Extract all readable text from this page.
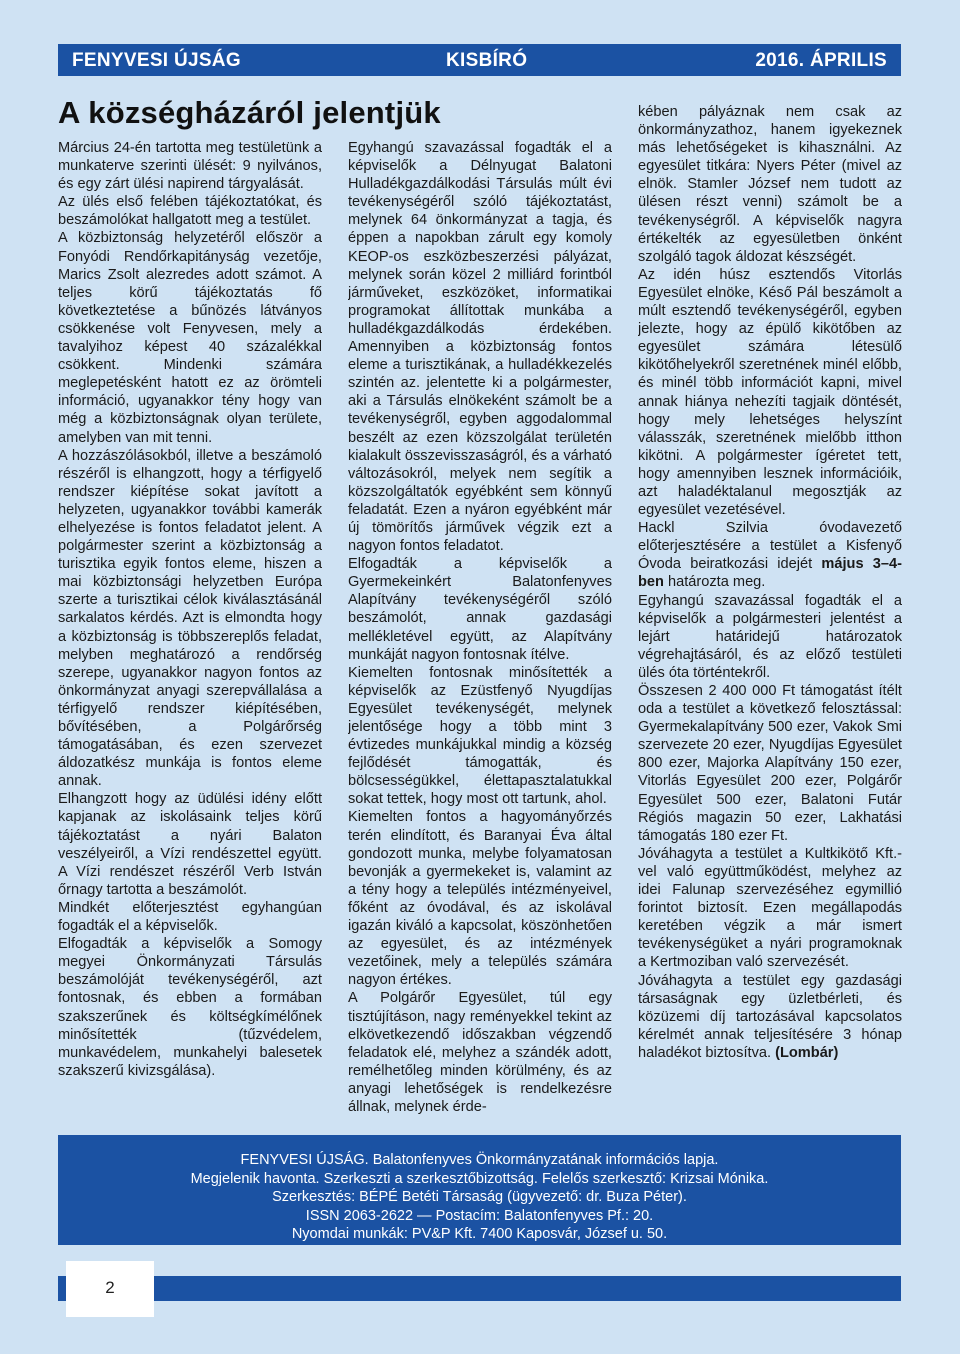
FENYVESI ÚJSÁG	KISBÍRÓ	2016. ÁPRILIS
A községházáról jelentjük

Március 24-én tartotta meg testületünk a munkaterve szerinti ülését: 9 nyilvános, és egy zárt ülési napirend tárgyalását.

Az ülés első felében tájékoztatókat, és beszámolókat hallgatott meg a testület.

A közbiztonság helyzetéről először a Fonyódi Rendőrkapitányság vezetője, Marics Zsolt alezredes adott számot. A teljes körű tájékoztatás fő következtetése a bűnözés látványos csökkenése volt Fenyvesen, mely a tavalyihoz képest 40 százalékkal csökkent. Mindenki számára meglepetésként hatott ez az örömteli információ, ugyanakkor tény hogy van még a közbiztonságnak olyan területe, amelyben van mit tenni.

A hozzászólásokból, illetve a beszámoló részéről is elhangzott, hogy a térfigyelő rendszer kiépítése sokat javított a helyzeten, ugyanakkor további kamerák elhelyezése is fontos feladatot jelent. A polgármester szerint a közbiztonság a turisztika egyik fontos eleme, hiszen a mai közbiztonsági helyzetben Európa szerte a turisztikai célok kiválasztásánál sarkalatos kérdés. Azt is elmondta hogy a közbiztonság is többszereplős feladat, melyben meghatározó a rendőrség szerepe, ugyanakkor nagyon fontos az önkormányzat anyagi szerepvállalása a térfigyelő rendszer kiépítésében, bővítésében, a Polgárőrség támogatásában, és ezen szervezet áldozatkész munkája is fontos eleme annak.

Elhangzott hogy az üdülési idény előtt kapjanak az iskolásaink teljes körű tájékoztatást a nyári Balaton veszélyeiről, a Vízi rendészettel együtt. A Vízi rendészet részéről Verb István őrnagy tartotta a beszámolót.

Mindkét előterjesztést egyhangúan fogadták el a képviselők.

Elfogadták a képviselők a Somogy megyei Önkormányzati Társulás beszámolóját tevékenységéről, azt fontosnak, és ebben a formában szakszerűnek és költségkímélőnek minősítették (tűzvédelem, munkavédelem, munkahelyi balesetek szakszerű kivizsgálása).

Egyhangú szavazással fogadták el a képviselők a Délnyugat Balatoni Hulladékgazdálkodási Társulás múlt évi tevékenységéről szóló tájékoztatást, melynek 64 önkormányzat a tagja, és éppen a napokban zárult egy komoly KEOP-os eszközbeszerzési pályázat, melynek során közel 2 milliárd forintból járműveket, eszközöket, informatikai programokat állítottak munkába a hulladékgazdálkodás érdekében. Amennyiben a közbiztonság fontos eleme a turisztikának, a hulladékkezelés szintén az. jelentette ki a polgármester, aki a Társulás elnökeként számolt be a tevékenységről, egyben aggodalommal beszélt az ezen közszolgálat területén kialakult összevisszaságról, és a várható változásokról, melyek nem segítik a közszolgáltatók egyébként sem könnyű feladatát. Ezen a nyáron egyébként már új tömörítős járművek végzik ezt a nagyon fontos feladatot.

Elfogadták a képviselők a Gyermekeinkért Balatonfenyves Alapítvány tevékenységéről szóló beszámolót, annak gazdasági mellékletével együtt, az Alapítvány munkáját nagyon fontosnak ítélve.

Kiemelten fontosnak minősítették a képviselők az Ezüstfenyő Nyugdíjas Egyesület tevékenységét, melynek jelentősége hogy a több mint 3 évtizedes munkájukkal mindig a község fejlődését támogatták, és bölcsességükkel, élettapasztalatukkal sokat tettek, hogy most ott tartunk, ahol.

Kiemelten fontos a hagyományőrzés terén elindított, és Baranyai Éva által gondozott munka, melybe folyamatosan bevonják a gyermekeket is, valamint az a tény hogy a település intézményeivel, főként az óvodával, és az iskolával igazán kiváló a kapcsolat, köszönhetően az egyesület, és az intézmények vezetőinek, mely a település számára nagyon értékes.

A Polgárőr Egyesület, túl egy tisztújításon, nagy reményekkel tekint az elkövetkezendő időszakban végzendő feladatok elé, melyhez a szándék adott, remélhetőleg minden körülmény, és az anyagi lehetőségek is rendelkezésre állnak, melynek érde-

kében pályáznak nem csak az önkormányzathoz, hanem igyekeznek más lehetőségeket is kihasználni. Az egyesület titkára: Nyers Péter (mivel az elnök. Stamler József nem tudott az ülésen részt venni) számolt be a tevékenységről. A képviselők nagyra értékelték az egyesületben önként szolgáló tagok áldozat készségét.

Az idén húsz esztendős Vitorlás Egyesület elnöke, Késő Pál beszámolt a múlt esztendő tevékenységéről, egyben jelezte, hogy az épülő kikötőben az egyesület számára létesülő kikötőhelyekről szeretnének minél előbb, és minél több információt kapni, mivel annak hiánya nehezíti tagjaik döntését, hogy mely lehetséges helyszínt válasszák, szeretnének mielőbb itthon kikötni. A polgármester ígéretet tett, hogy amennyiben lesznek információik, azt haladéktalanul megosztják az egyesület vezetésével.

Hackl Szilvia óvodavezető előterjesztésére a testület a Kisfenyő Óvoda beiratkozási idejét május 3–4-ben határozta meg.

Egyhangú szavazással fogadták el a képviselők a polgármesteri jelentést a lejárt határidejű határozatok végrehajtásáról, és az előző testületi ülés óta történtekről.

Összesen 2 400 000 Ft támogatást ítélt oda a testület a következő felosztással: Gyermekalapítvány 500 ezer, Vakok Smi szervezete 20 ezer, Nyugdíjas Egyesület 800 ezer, Majorka Alapítvány 150 ezer, Vitorlás Egyesület 200 ezer, Polgárőr Egyesület 500 ezer, Balatoni Futár Régiós magazin 50 ezer, Lakhatási támogatás 180 ezer Ft.

Jóváhagyta a testület a Kultkikötő Kft.-vel való együttműködést, melyhez az idei Falunap szervezéséhez egymillió forintot biztosít. Ezen megállapodás keretében végzik a már ismert tevékenységüket a nyári programoknak a Kertmoziban való szervezését.

Jóváhagyta a testület egy gazdasági társaságnak egy üzletbérleti, és közüzemi díj tartozásával kapcsolatos kérelmét annak teljesítésére 3 hónap haladékot biztosítva. (Lombár)

FENYVESI ÚJSÁG. Balatonfenyves Önkormányzatának információs lapja.
Megjelenik havonta. Szerkeszti a szerkesztőbizottság. Felelős szerkesztő: Krizsai Mónika.
Szerkesztés: BÉPÉ Betéti Társaság (ügyvezető: dr. Buza Péter).
ISSN 2063-2622 — Postacím: Balatonfenyves Pf.: 20.
Nyomdai munkák: PV&P Kft. 7400 Kaposvár, József u. 50.
2
